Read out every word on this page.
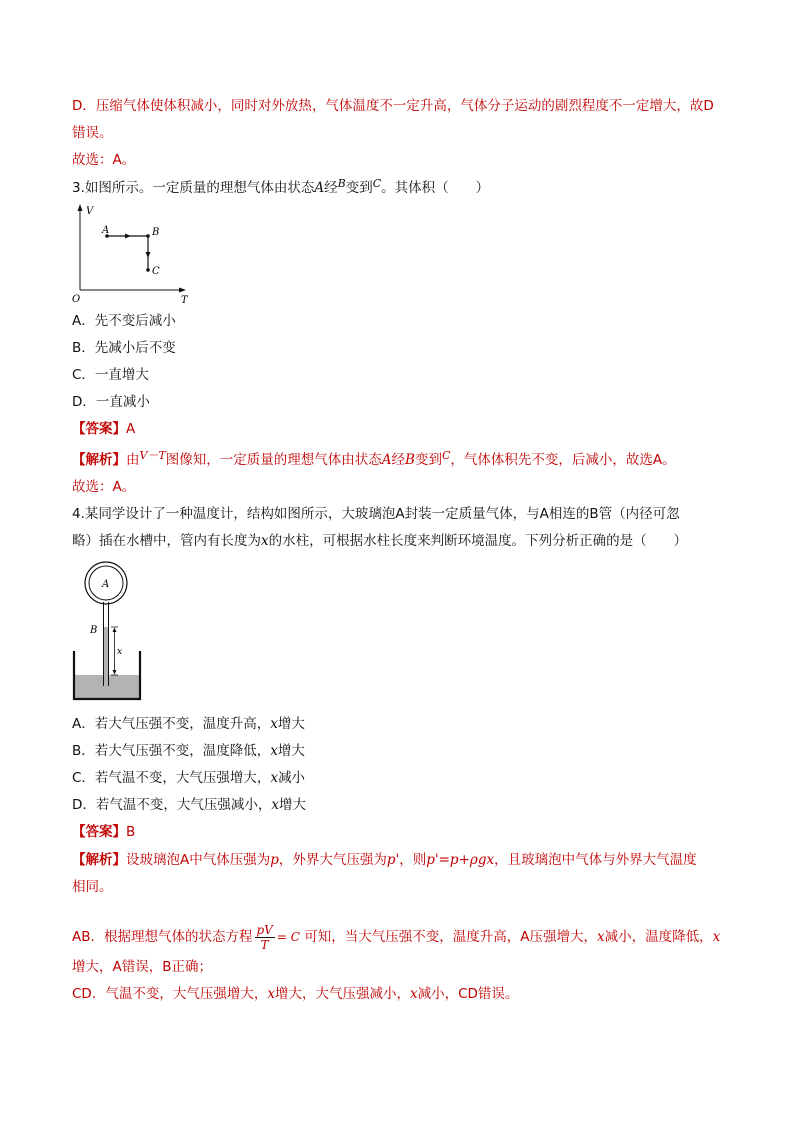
D．压缩气体使体积减小，同时对外放热，气体温度不一定升高，气体分子运动的剧烈程度不一定增大，故D
错误。
故选：A。
3.如图所示。一定质量的理想气体由状态A经$^B$变到$^C$。其体积（　　）
V
T
O
A	B
C
A．先不变后减小
B．先减小后不变
C．一直增大
D．一直减小
【答案】A
【解析】由$^{V-T}$图像知，一定质量的理想气体由状态A经B变到$^C$，气体体积先不变，后减小，故选A。
故选：A。
4.某同学设计了一种温度计，结构如图所示，大玻璃泡A封装一定质量气体，与A相连的B管（内径可忽
略）插在水槽中，管内有长度为x的水柱，可根据水柱长度来判断环境温度。下列分析正确的是（　　）
A
B
x
A．若大气压强不变，温度升高，x增大
B．若大气压强不变，温度降低，x增大
C．若气温不变，大气压强增大，x减小
D．若气温不变，大气压强减小，x增大
【答案】B
【解析】设玻璃泡A中气体压强为p，外界大气压强为p'，则p'=p+ρgx，且玻璃泡中气体与外界大气温度
相同。
AB．根据理想气体的状态方程 $\frac{pV}{T} = C$ 可知，当大气压强不变，温度升高，A压强增大，x减小，温度降低，x
增大，A错误，B正确；
CD．气温不变，大气压强增大，x增大，大气压强减小，x减小，CD错误。
